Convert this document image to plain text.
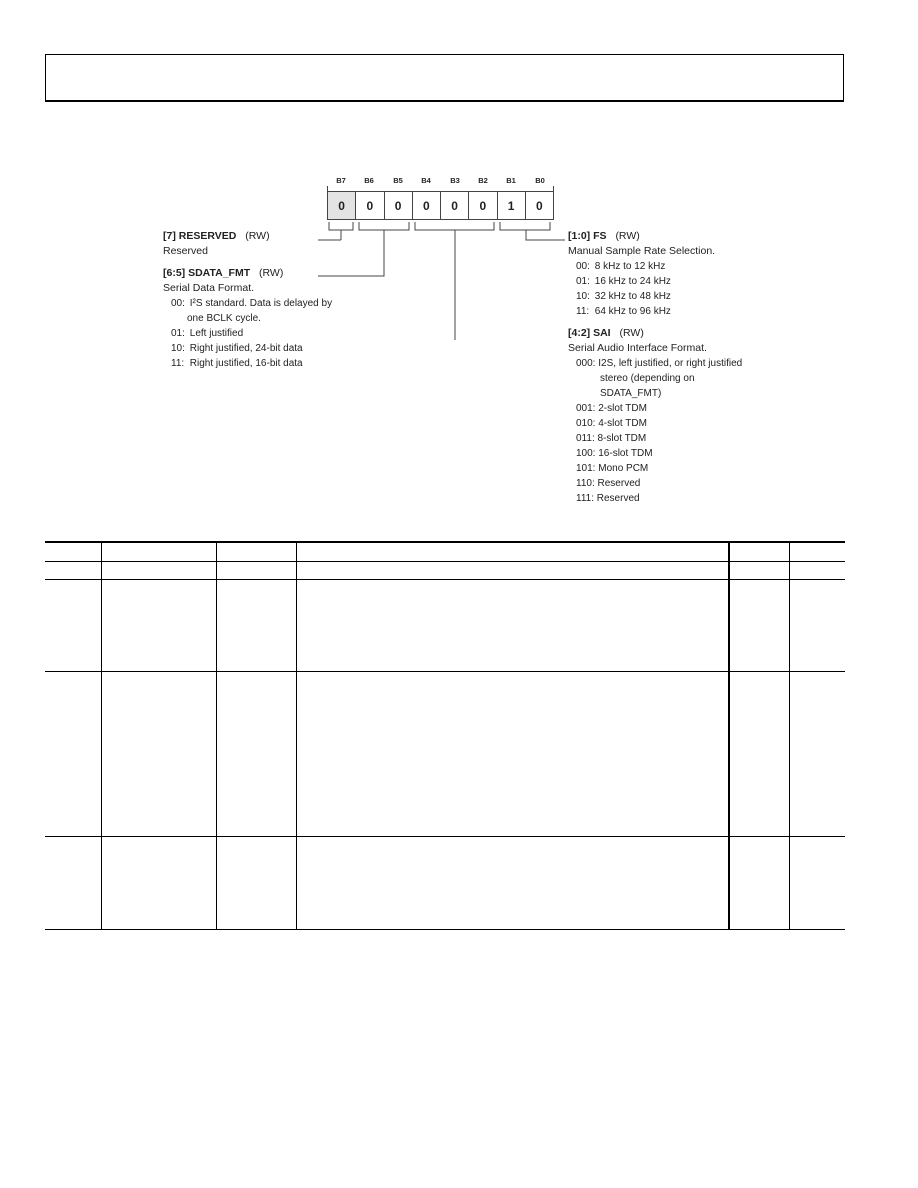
B7	B6	B5	B4	B3	B2	B1	B0
0	0	0	0	0	0	1	0
[7] RESERVED (RW)
Reserved
[6:5] SDATA_FMT (RW)
Serial Data Format.
00: I²S standard. Data is delayed by
one BCLK cycle.
01: Left justified
10: Right justified, 24-bit data
11: Right justified, 16-bit data
[1:0] FS (RW)
Manual Sample Rate Selection.
00: 8 kHz to 12 kHz
01: 16 kHz to 24 kHz
10: 32 kHz to 48 kHz
11: 64 kHz to 96 kHz
[4:2] SAI (RW)
Serial Audio Interface Format.
000: I2S, left justified, or right justified
stereo (depending on
SDATA_FMT)
001: 2-slot TDM
010: 4-slot TDM
011: 8-slot TDM
100: 16-slot TDM
101: Mono PCM
110: Reserved
111: Reserved
